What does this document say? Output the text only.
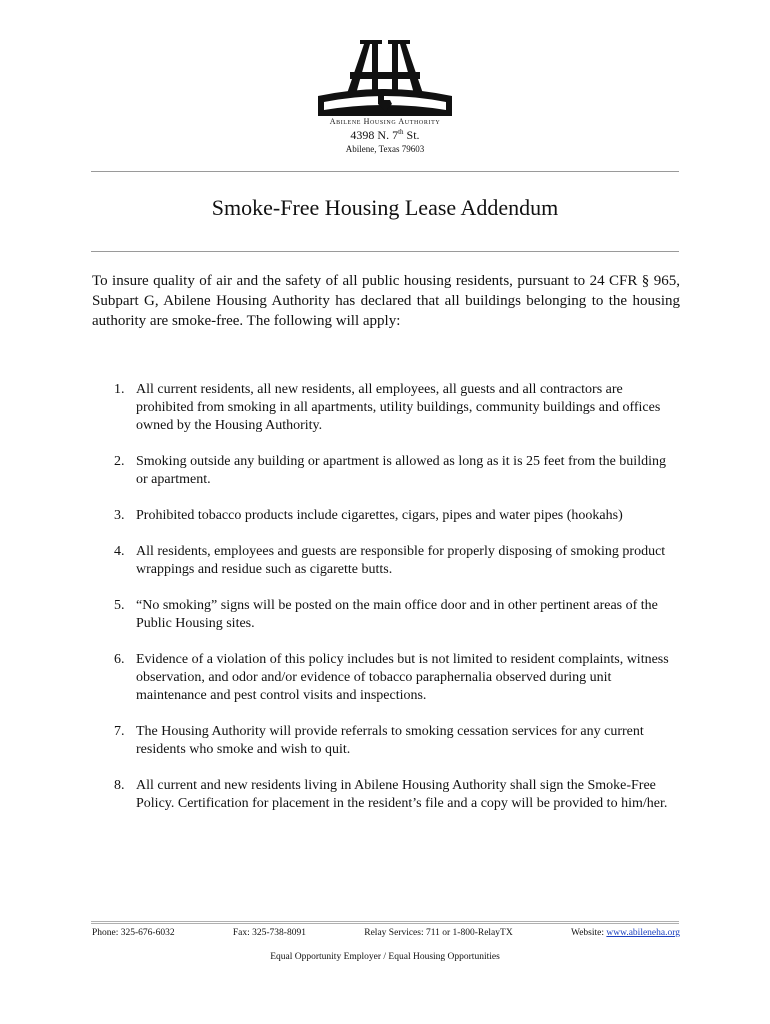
Abilene Housing Authority
4398 N. 7th St.
Abilene, Texas 79603
Smoke-Free Housing Lease Addendum

To insure quality of air and the safety of all public housing residents, pursuant to 24 CFR § 965, Subpart G, Abilene Housing Authority has declared that all buildings belonging to the housing authority are smoke-free. The following will apply:

1. All current residents, all new residents, all employees, all guests and all contractors are prohibited from smoking in all apartments, utility buildings, community buildings and offices owned by the Housing Authority.
2. Smoking outside any building or apartment is allowed as long as it is 25 feet from the building or apartment.
3. Prohibited tobacco products include cigarettes, cigars, pipes and water pipes (hookahs)
4. All residents, employees and guests are responsible for properly disposing of smoking product wrappings and residue such as cigarette butts.
5. “No smoking” signs will be posted on the main office door and in other pertinent areas of the Public Housing sites.
6. Evidence of a violation of this policy includes but is not limited to resident complaints, witness observation, and odor and/or evidence of tobacco paraphernalia observed during unit maintenance and pest control visits and inspections.
7. The Housing Authority will provide referrals to smoking cessation services for any current residents who smoke and wish to quit.
8. All current and new residents living in Abilene Housing Authority shall sign the Smoke-Free Policy. Certification for placement in the resident’s file and a copy will be provided to him/her.
Phone: 325-676-6032	Fax: 325-738-8091	Relay Services: 711 or 1-800-RelayTX	Website: www.abileneha.org
Equal Opportunity Employer / Equal Housing Opportunities
